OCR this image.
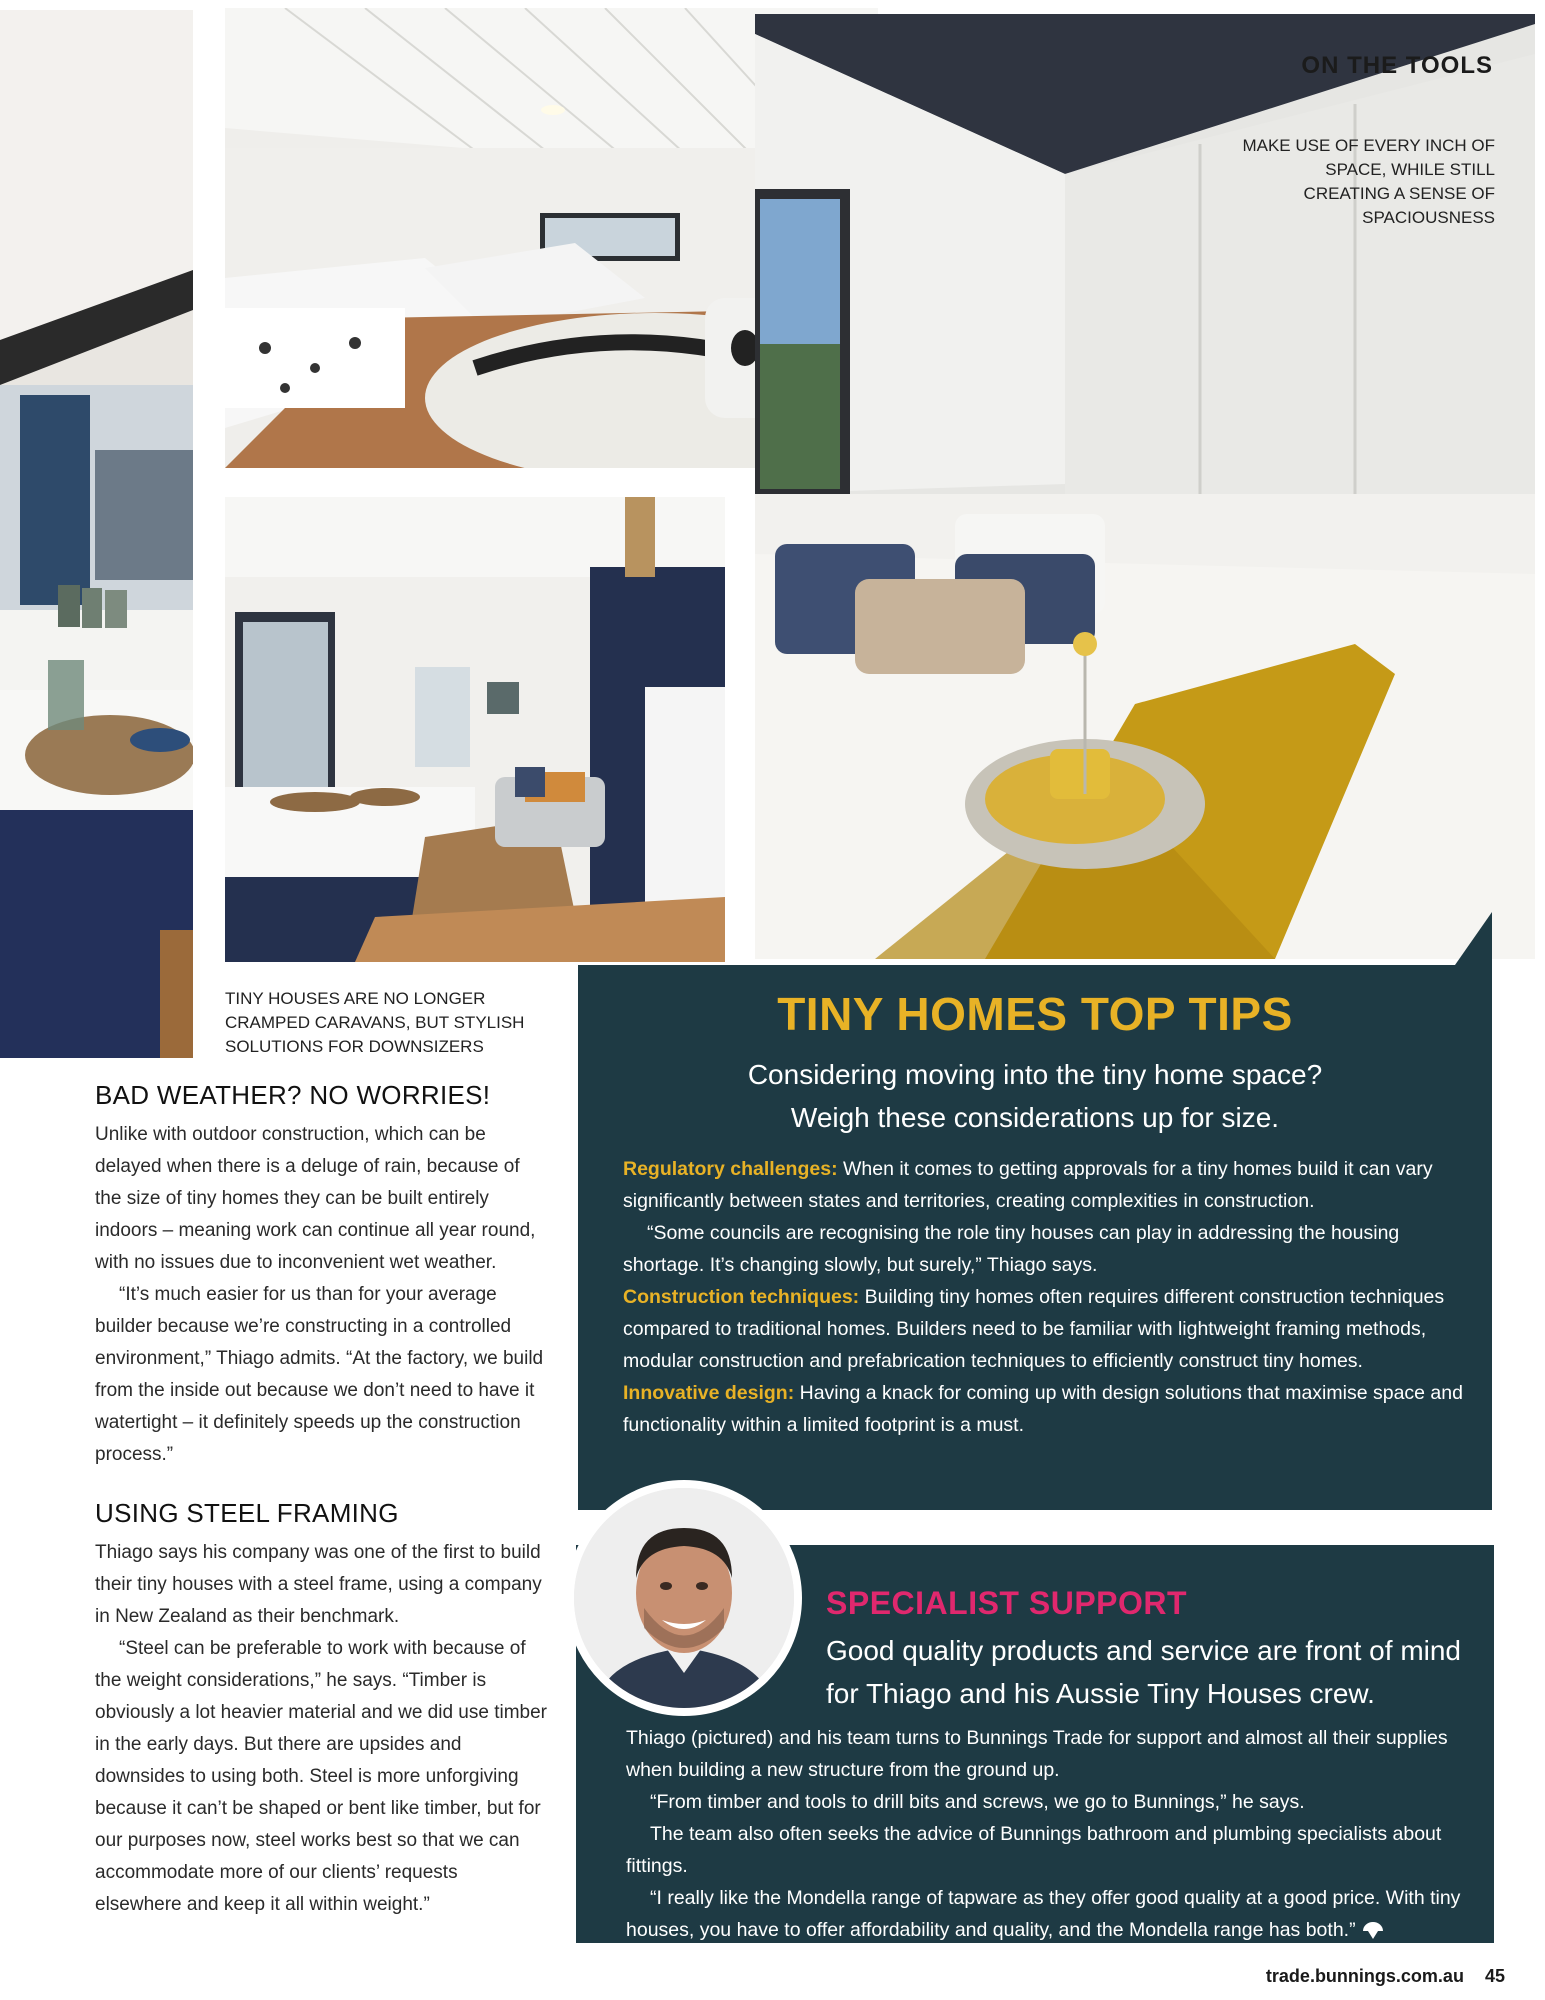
ON THE TOOLS
MAKE USE OF EVERY INCH OF SPACE, WHILE STILL CREATING A SENSE OF SPACIOUSNESS
TINY HOUSES ARE NO LONGER CRAMPED CARAVANS, BUT STYLISH SOLUTIONS FOR DOWNSIZERS
BAD WEATHER? NO WORRIES!

Unlike with outdoor construction, which can be delayed when there is a deluge of rain, because of the size of tiny homes they can be built entirely indoors – meaning work can continue all year round, with no issues due to inconvenient wet weather.

“It’s much easier for us than for your average builder because we’re constructing in a controlled environment,” Thiago admits. “At the factory, we build from the inside out because we don’t need to have it watertight – it definitely speeds up the construction process.”

USING STEEL FRAMING

Thiago says his company was one of the first to build their tiny houses with a steel frame, using a company in New Zealand as their benchmark.

“Steel can be preferable to work with because of the weight considerations,” he says. “Timber is obviously a lot heavier material and we did use timber in the early days. But there are upsides and downsides to using both. Steel is more unforgiving because it can’t be shaped or bent like timber, but for our purposes now, steel works best so that we can accommodate more of our clients’ requests elsewhere and keep it all within weight.”

TINY HOMES TOP TIPS
Considering moving into the tiny home space?
Weigh these considerations up for size.
Regulatory challenges: When it comes to getting approvals for a tiny homes build it can vary significantly between states and territories, creating complexities in construction.
“Some councils are recognising the role tiny houses can play in addressing the housing shortage. It’s changing slowly, but surely,” Thiago says.
Construction techniques: Building tiny homes often requires different construction techniques compared to traditional homes. Builders need to be familiar with lightweight framing methods, modular construction and prefabrication techniques to efficiently construct tiny homes.
Innovative design: Having a knack for coming up with design solutions that maximise space and functionality within a limited footprint is a must.
SPECIALIST SUPPORT
Good quality products and service are front of mind for Thiago and his Aussie Tiny Houses crew.
Thiago (pictured) and his team turns to Bunnings Trade for support and almost all their supplies when building a new structure from the ground up.
“From timber and tools to drill bits and screws, we go to Bunnings,” he says.
The team also often seeks the advice of Bunnings bathroom and plumbing specialists about fittings.
“I really like the Mondella range of tapware as they offer good quality at a good price. With tiny houses, you have to offer affordability and quality, and the Mondella range has both.”
trade.bunnings.com.au 45
